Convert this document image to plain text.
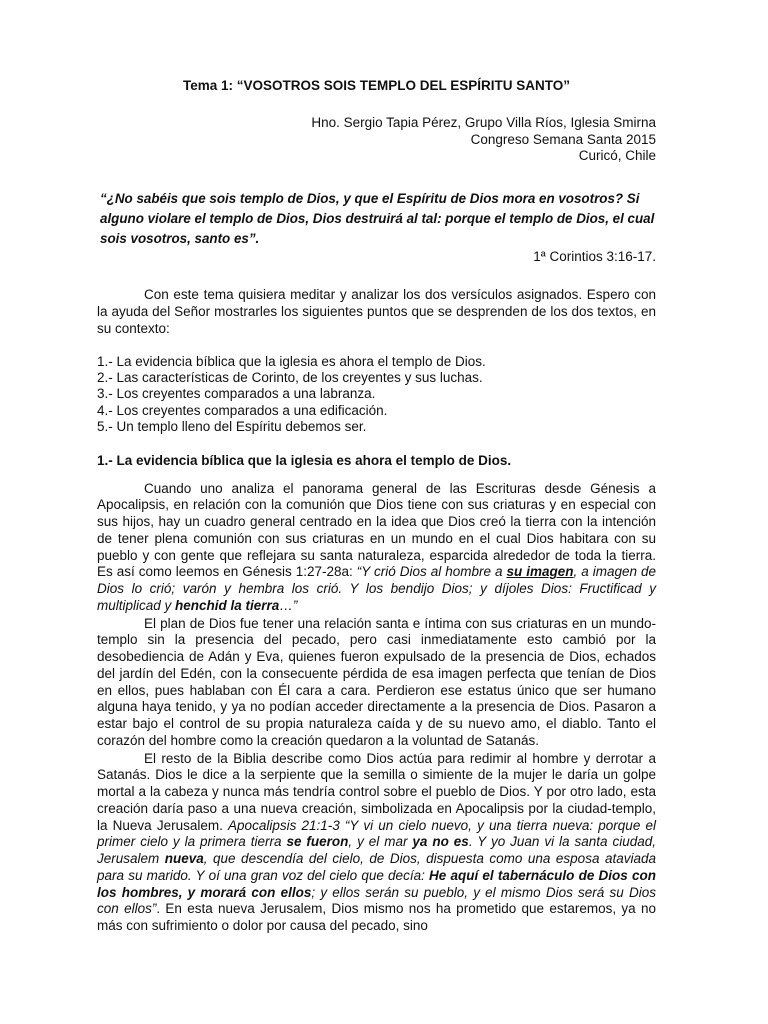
Tema 1: “VOSOTROS SOIS TEMPLO DEL ESPÍRITU SANTO”
Hno. Sergio Tapia Pérez, Grupo Villa Ríos, Iglesia Smirna
Congreso Semana Santa 2015
Curicó, Chile
“¿No sabéis que sois templo de Dios, y que el Espíritu de Dios mora en vosotros? Si alguno violare el templo de Dios, Dios destruirá al tal: porque el templo de Dios, el cual sois vosotros, santo es”.
1ª Corintios 3:16-17.

Con este tema quisiera meditar y analizar los dos versículos asignados. Espero con la ayuda del Señor mostrarles los siguientes puntos que se desprenden de los dos textos, en su contexto:

1.- La evidencia bíblica que la iglesia es ahora el templo de Dios.
2.- Las características de Corinto, de los creyentes y sus luchas.
3.- Los creyentes comparados a una labranza.
4.- Los creyentes comparados a una edificación.
5.- Un templo lleno del Espíritu debemos ser.
1.- La evidencia bíblica que la iglesia es ahora el templo de Dios.

Cuando uno analiza el panorama general de las Escrituras desde Génesis a Apocalipsis, en relación con la comunión que Dios tiene con sus criaturas y en especial con sus hijos, hay un cuadro general centrado en la idea que Dios creó la tierra con la intención de tener plena comunión con sus criaturas en un mundo en el cual Dios habitara con su pueblo y con gente que reflejara su santa naturaleza, esparcida alrededor de toda la tierra. Es así como leemos en Génesis 1:27-28a: “Y crió Dios al hombre a su imagen, a imagen de Dios lo crió; varón y hembra los crió. Y los bendijo Dios; y díjoles Dios: Fructificad y multiplicad y henchid la tierra…”

El plan de Dios fue tener una relación santa e íntima con sus criaturas en un mundo-templo sin la presencia del pecado, pero casi inmediatamente esto cambió por la desobediencia de Adán y Eva, quienes fueron expulsado de la presencia de Dios, echados del jardín del Edén, con la consecuente pérdida de esa imagen perfecta que tenían de Dios en ellos, pues hablaban con Él cara a cara. Perdieron ese estatus único que ser humano alguna haya tenido, y ya no podían acceder directamente a la presencia de Dios. Pasaron a estar bajo el control de su propia naturaleza caída y de su nuevo amo, el diablo. Tanto el corazón del hombre como la creación quedaron a la voluntad de Satanás.

El resto de la Biblia describe como Dios actúa para redimir al hombre y derrotar a Satanás. Dios le dice a la serpiente que la semilla o simiente de la mujer le daría un golpe mortal a la cabeza y nunca más tendría control sobre el pueblo de Dios. Y por otro lado, esta creación daría paso a una nueva creación, simbolizada en Apocalipsis por la ciudad-templo, la Nueva Jerusalem. Apocalipsis 21:1-3 “Y vi un cielo nuevo, y una tierra nueva: porque el primer cielo y la primera tierra se fueron, y el mar ya no es. Y yo Juan vi la santa ciudad, Jerusalem nueva, que descendía del cielo, de Dios, dispuesta como una esposa ataviada para su marido. Y oí una gran voz del cielo que decía: He aquí el tabernáculo de Dios con los hombres, y morará con ellos; y ellos serán su pueblo, y el mismo Dios será su Dios con ellos”. En esta nueva Jerusalem, Dios mismo nos ha prometido que estaremos, ya no más con sufrimiento o dolor por causa del pecado, sino
